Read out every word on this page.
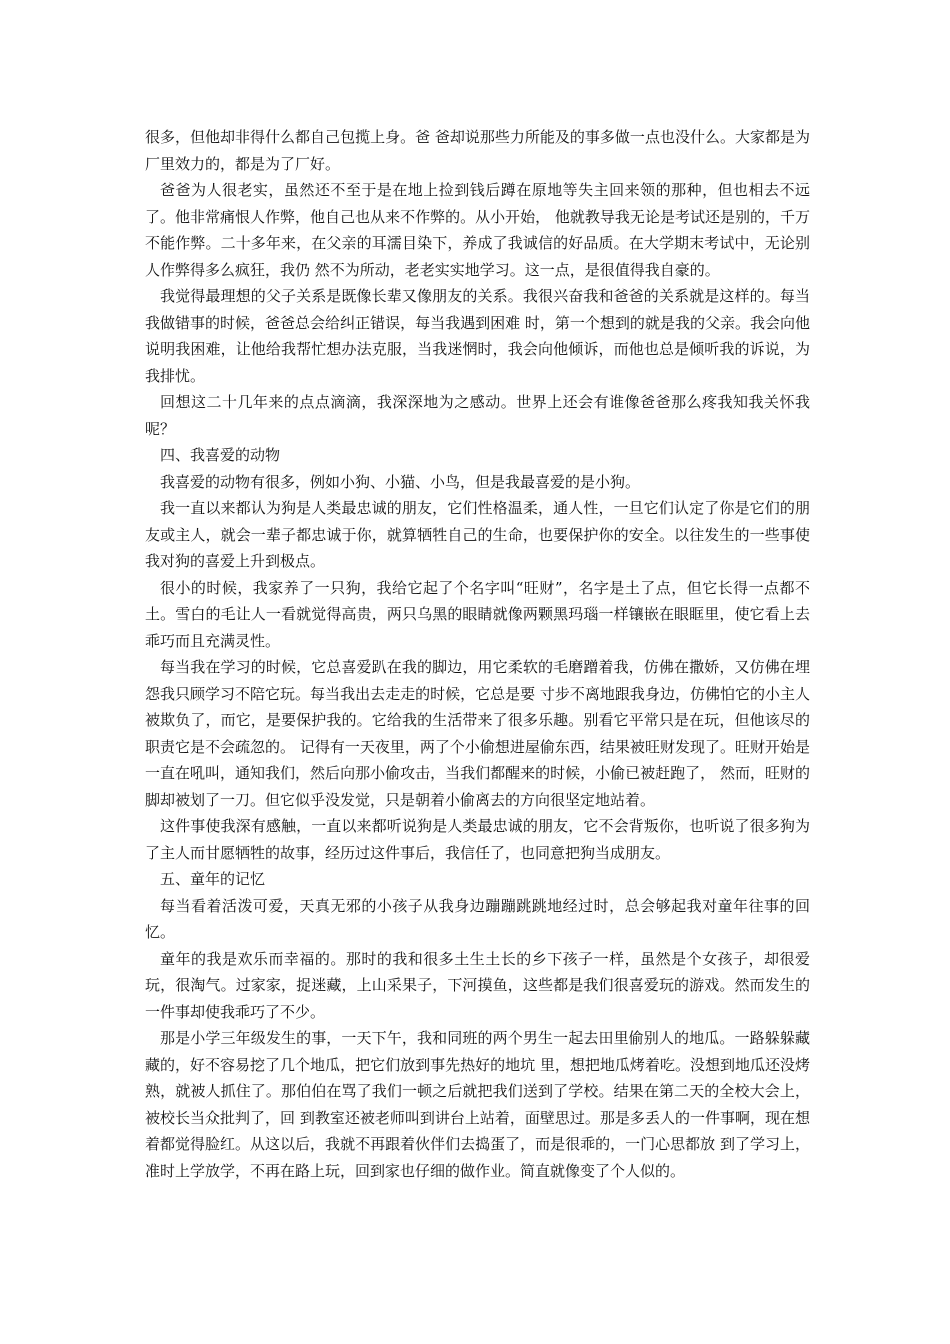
很多，但他却非得什么都自己包揽上身。爸 爸却说那些力所能及的事多做一点也没什么。大家都是为厂里效力的，都是为了厂好。

爸爸为人很老实，虽然还不至于是在地上捡到钱后蹲在原地等失主回来领的那种，但也相去不远了。他非常痛恨人作弊，他自己也从来不作弊的。从小开始， 他就教导我无论是考试还是别的，千万不能作弊。二十多年来，在父亲的耳濡目染下，养成了我诚信的好品质。在大学期末考试中，无论别人作弊得多么疯狂，我仍 然不为所动，老老实实地学习。这一点，是很值得我自豪的。

我觉得最理想的父子关系是既像长辈又像朋友的关系。我很兴奋我和爸爸的关系就是这样的。每当我做错事的时候，爸爸总会给纠正错误，每当我遇到困难 时，第一个想到的就是我的父亲。我会向他说明我困难，让他给我帮忙想办法克服，当我迷惘时，我会向他倾诉，而他也总是倾听我的诉说，为我排忧。

回想这二十几年来的点点滴滴，我深深地为之感动。世界上还会有谁像爸爸那么疼我知我关怀我呢？

四、我喜爱的动物

我喜爱的动物有很多，例如小狗、小猫、小鸟，但是我最喜爱的是小狗。

我一直以来都认为狗是人类最忠诚的朋友，它们性格温柔，通人性，一旦它们认定了你是它们的朋友或主人，就会一辈子都忠诚于你，就算牺牲自己的生命，也要保护你的安全。以往发生的一些事使我对狗的喜爱上升到极点。

很小的时候，我家养了一只狗，我给它起了个名字叫“旺财”，名字是土了点，但它长得一点都不土。雪白的毛让人一看就觉得高贵，两只乌黑的眼睛就像两颗黑玛瑙一样镶嵌在眼眶里，使它看上去乖巧而且充满灵性。

每当我在学习的时候，它总喜爱趴在我的脚边，用它柔软的毛磨蹭着我，仿佛在撒娇，又仿佛在埋怨我只顾学习不陪它玩。每当我出去走走的时候，它总是要 寸步不离地跟我身边，仿佛怕它的小主人被欺负了，而它，是要保护我的。它给我的生活带来了很多乐趣。别看它平常只是在玩，但他该尽的职责它是不会疏忽的。 记得有一天夜里，两了个小偷想进屋偷东西，结果被旺财发现了。旺财开始是一直在吼叫，通知我们，然后向那小偷攻击，当我们都醒来的时候，小偷已被赶跑了， 然而，旺财的脚却被划了一刀。但它似乎没发觉，只是朝着小偷离去的方向很坚定地站着。

这件事使我深有感触，一直以来都听说狗是人类最忠诚的朋友，它不会背叛你，也听说了很多狗为了主人而甘愿牺牲的故事，经历过这件事后，我信任了，也同意把狗当成朋友。

五、童年的记忆

每当看着活泼可爱，天真无邪的小孩子从我身边蹦蹦跳跳地经过时，总会够起我对童年往事的回忆。

童年的我是欢乐而幸福的。那时的我和很多土生土长的乡下孩子一样，虽然是个女孩子，却很爱玩，很淘气。过家家，捉迷藏，上山采果子，下河摸鱼，这些都是我们很喜爱玩的游戏。然而发生的一件事却使我乖巧了不少。

那是小学三年级发生的事，一天下午，我和同班的两个男生一起去田里偷别人的地瓜。一路躲躲藏藏的，好不容易挖了几个地瓜，把它们放到事先热好的地坑 里，想把地瓜烤着吃。没想到地瓜还没烤熟，就被人抓住了。那伯伯在骂了我们一顿之后就把我们送到了学校。结果在第二天的全校大会上，被校长当众批判了，回 到教室还被老师叫到讲台上站着，面壁思过。那是多丢人的一件事啊，现在想着都觉得脸红。从这以后，我就不再跟着伙伴们去捣蛋了，而是很乖的，一门心思都放 到了学习上，准时上学放学，不再在路上玩，回到家也仔细的做作业。简直就像变了个人似的。
